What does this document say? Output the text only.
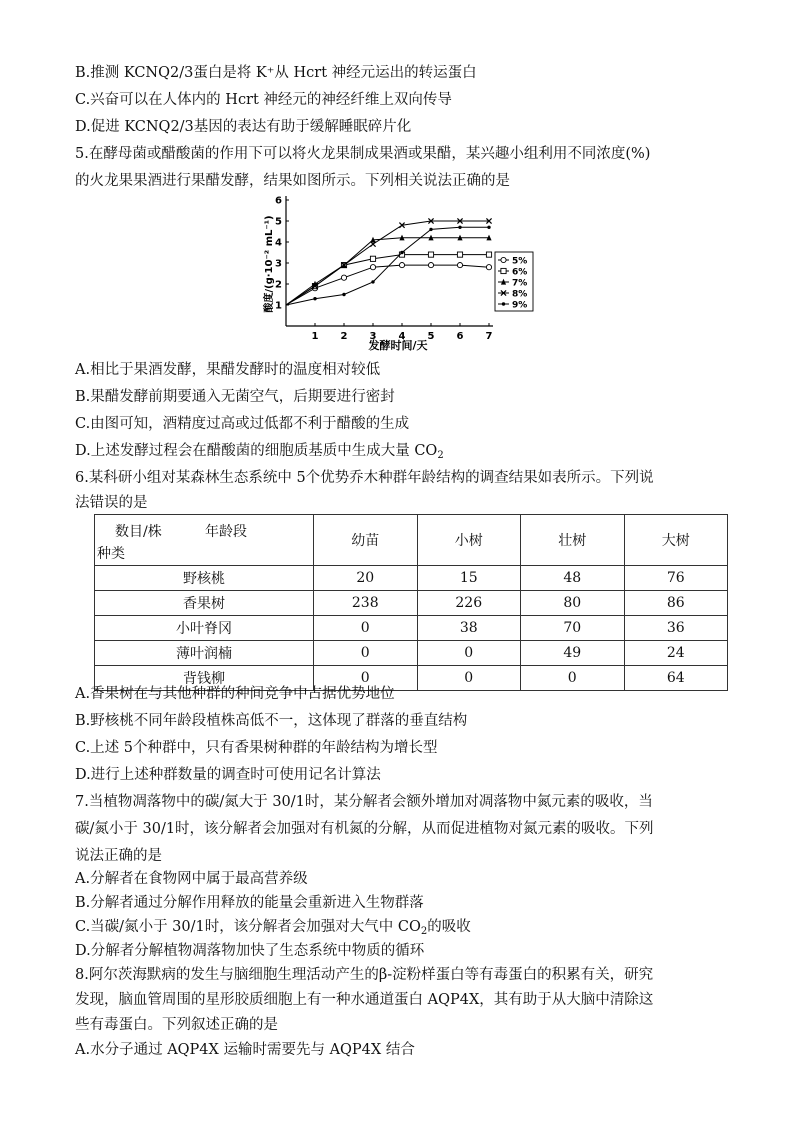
B.推测 KCNQ2/3蛋白是将 K⁺从 Hcrt 神经元运出的转运蛋白
C.兴奋可以在人体内的 Hcrt 神经元的神经纤维上双向传导
D.促进 KCNQ2/3基因的表达有助于缓解睡眠碎片化
5.在酵母菌或醋酸菌的作用下可以将火龙果制成果酒或果醋，某兴趣小组利用不同浓度(%)
的火龙果果酒进行果醋发酵，结果如图所示。下列相关说法正确的是
1 2 3 4 5 6 7
1
2
3
4
5
6
5%
6%
7%
8%
9%
发酵时间/天
酸度/(g·10⁻² mL⁻¹)
A.相比于果酒发酵，果醋发酵时的温度相对较低
B.果醋发酵前期要通入无菌空气，后期要进行密封
C.由图可知，酒精度过高或过低都不利于醋酸的生成
D.上述发酵过程会在醋酸菌的细胞质基质中生成大量 $CO_2$
6.某科研小组对某森林生态系统中 5个优势乔木种群年龄结构的调查结果如表所示。下列说
法错误的是
数目/株 年龄段
种类	幼苗	小树	壮树	大树
野核桃	20	15	48	76
香果树	238	226	80	86
小叶脊冈	0	38	70	36
薄叶润楠	0	0	49	24
背钱柳	0	0	0	64
A.香果树在与其他种群的种间竞争中占据优势地位
B.野核桃不同年龄段植株高低不一，这体现了群落的垂直结构
C.上述 5个种群中，只有香果树种群的年龄结构为增长型
D.进行上述种群数量的调查时可使用记名计算法
7.当植物凋落物中的碳/氮大于 30/1时，某分解者会额外增加对凋落物中氮元素的吸收，当
碳/氮小于 30/1时，该分解者会加强对有机氮的分解，从而促进植物对氮元素的吸收。下列
说法正确的是
A.分解者在食物网中属于最高营养级
B.分解者通过分解作用释放的能量会重新进入生物群落
C.当碳/氮小于 30/1时，该分解者会加强对大气中 $CO_2$的吸收
D.分解者分解植物凋落物加快了生态系统中物质的循环
8.阿尔茨海默病的发生与脑细胞生理活动产生的β-淀粉样蛋白等有毒蛋白的积累有关，研究
发现，脑血管周围的星形胶质细胞上有一种水通道蛋白 AQP4X，其有助于从大脑中清除这
些有毒蛋白。下列叙述正确的是
A.水分子通过 AQP4X 运输时需要先与 AQP4X 结合
